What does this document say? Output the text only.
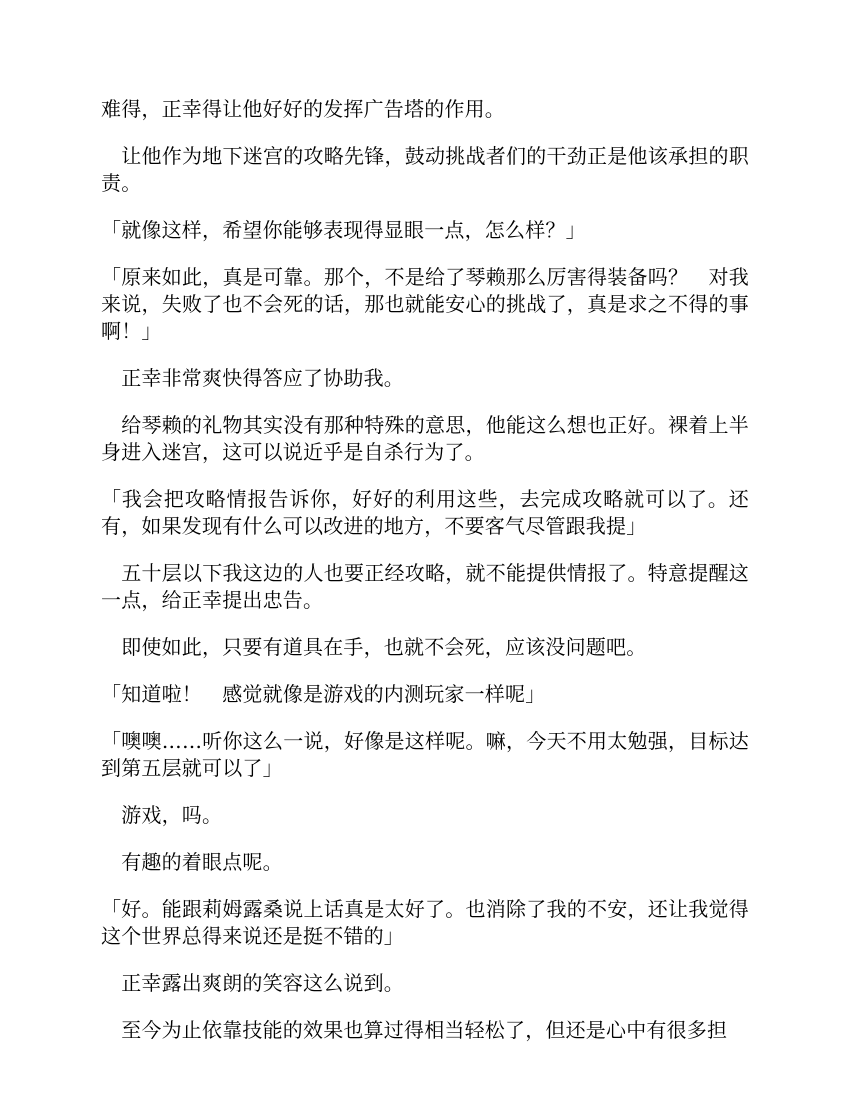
难得，正幸得让他好好的发挥广告塔的作用。

　让他作为地下迷宫的攻略先锋，鼓动挑战者们的干劲正是他该承担的职责。

「就像这样，希望你能够表现得显眼一点，怎么样？」

「原来如此，真是可靠。那个，不是给了琴赖那么厉害得装备吗？　对我来说，失败了也不会死的话，那也就能安心的挑战了，真是求之不得的事啊！」

　正幸非常爽快得答应了协助我。

　给琴赖的礼物其实没有那种特殊的意思，他能这么想也正好。裸着上半身进入迷宫，这可以说近乎是自杀行为了。

「我会把攻略情报告诉你，好好的利用这些，去完成攻略就可以了。还有，如果发现有什么可以改进的地方，不要客气尽管跟我提」

　五十层以下我这边的人也要正经攻略，就不能提供情报了。特意提醒这一点，给正幸提出忠告。

　即使如此，只要有道具在手，也就不会死，应该没问题吧。

「知道啦！　感觉就像是游戏的内测玩家一样呢」

「噢噢……听你这么一说，好像是这样呢。嘛，今天不用太勉强，目标达到第五层就可以了」

　游戏，吗。

　有趣的着眼点呢。

「好。能跟莉姆露桑说上话真是太好了。也消除了我的不安，还让我觉得这个世界总得来说还是挺不错的」

　正幸露出爽朗的笑容这么说到。

　至今为止依靠技能的效果也算过得相当轻松了，但还是心中有很多担
